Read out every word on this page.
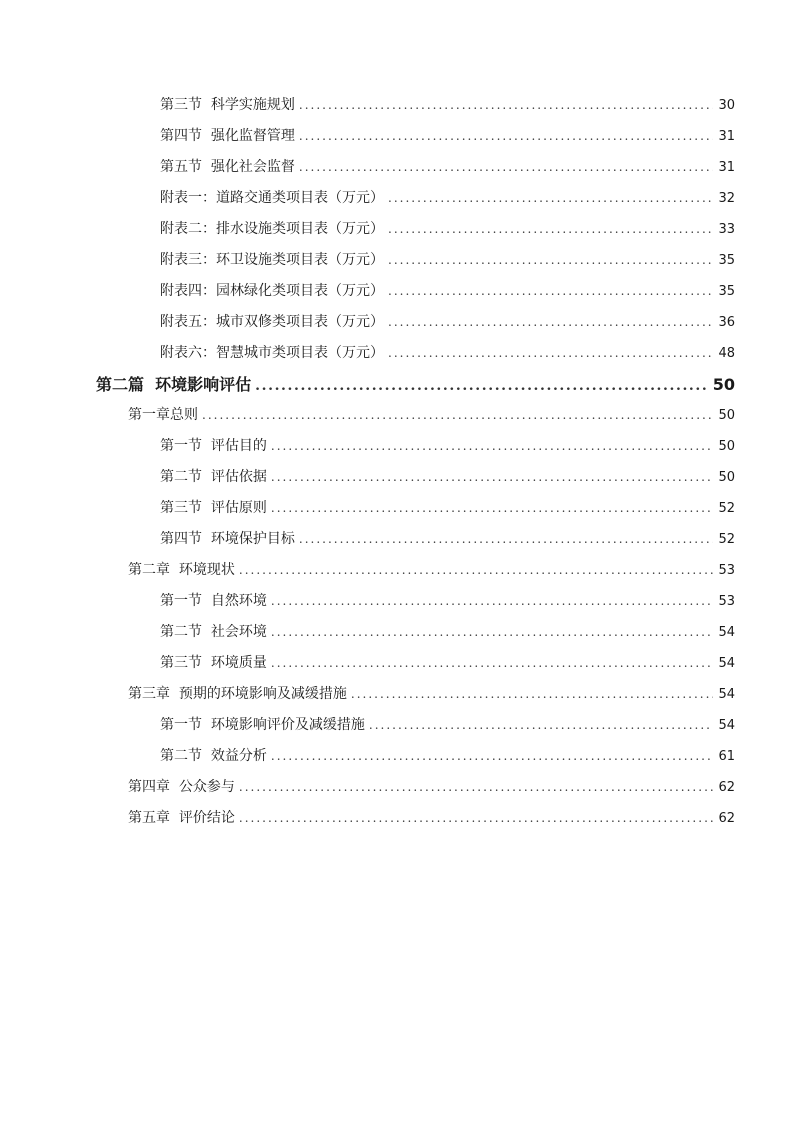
第三节  科学实施规划 .....	30
第四节  强化监督管理 .....	31
第五节  强化社会监督 .....	31
附表一：道路交通类项目表（万元） .....	32
附表二：排水设施类项目表（万元） .....	33
附表三：环卫设施类项目表（万元） .....	35
附表四：园林绿化类项目表（万元） .....	35
附表五：城市双修类项目表（万元） .....	36
附表六：智慧城市类项目表（万元） .....	48
第二篇  环境影响评估 .....	50
第一章总则 .....	50
第一节  评估目的 .....	50
第二节  评估依据 .....	50
第三节  评估原则 .....	52
第四节  环境保护目标 .....	52
第二章  环境现状 .....	53
第一节  自然环境 .....	53
第二节  社会环境 .....	54
第三节  环境质量 .....	54
第三章  预期的环境影响及减缓措施 .....	54
第一节  环境影响评价及减缓措施 .....	54
第二节  效益分析 .....	61
第四章  公众参与 .....	62
第五章  评价结论 .....	62
